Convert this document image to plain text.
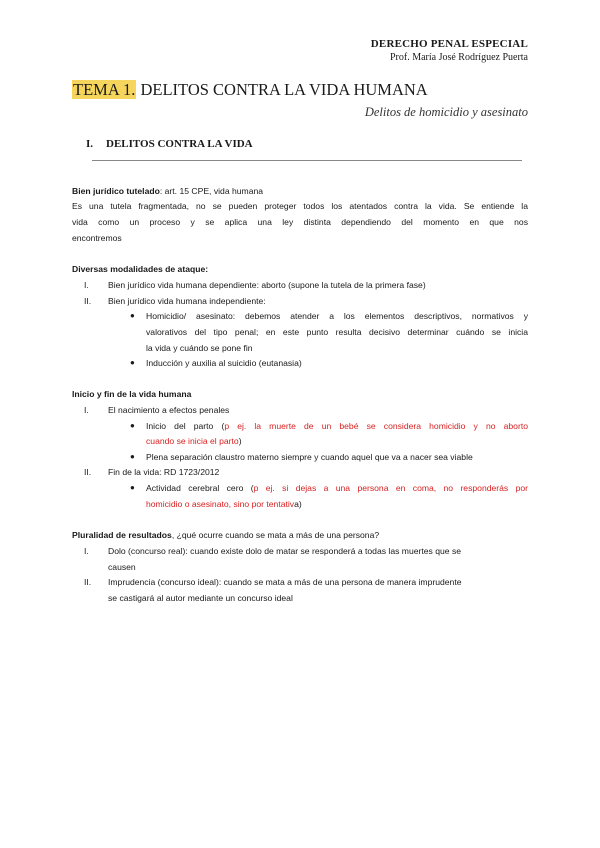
DERECHO PENAL ESPECIAL
Prof. María José Rodríguez Puerta
TEMA 1. DELITOS CONTRA LA VIDA HUMANA
Delitos de homicidio y asesinato
I. DELITOS CONTRA LA VIDA
Bien jurídico tutelado: art. 15 CPE, vida humana
Es una tutela fragmentada, no se pueden proteger todos los atentados contra la vida. Se entiende la
vida como un proceso y se aplica una ley distinta dependiendo del momento en que nos
encontremos
Diversas modalidades de ataque:
I. Bien jurídico vida humana dependiente: aborto (supone la tutela de la primera fase)
II. Bien jurídico vida humana independiente:
● Homicidio/ asesinato: debemos atender a los elementos descriptivos, normativos y
valorativos del tipo penal; en este punto resulta decisivo determinar cuándo se inicia
la vida y cuándo se pone fin
● Inducción y auxilia al suicidio (eutanasia)
Inicio y fin de la vida humana
I. El nacimiento a efectos penales
● Inicio del parto (p ej. la muerte de un bebé se considera homicidio y no aborto
cuando se inicia el parto)
● Plena separación claustro materno siempre y cuando aquel que va a nacer sea viable
II. Fin de la vida: RD 1723/2012
● Actividad cerebral cero (p ej. si dejas a una persona en coma, no responderás por
homicidio o asesinato, sino por tentativa)
Pluralidad de resultados, ¿qué ocurre cuando se mata a más de una persona?
I. Dolo (concurso real): cuando existe dolo de matar se responderá a todas las muertes que se
causen
II. Imprudencia (concurso ideal): cuando se mata a más de una persona de manera imprudente
se castigará al autor mediante un concurso ideal
